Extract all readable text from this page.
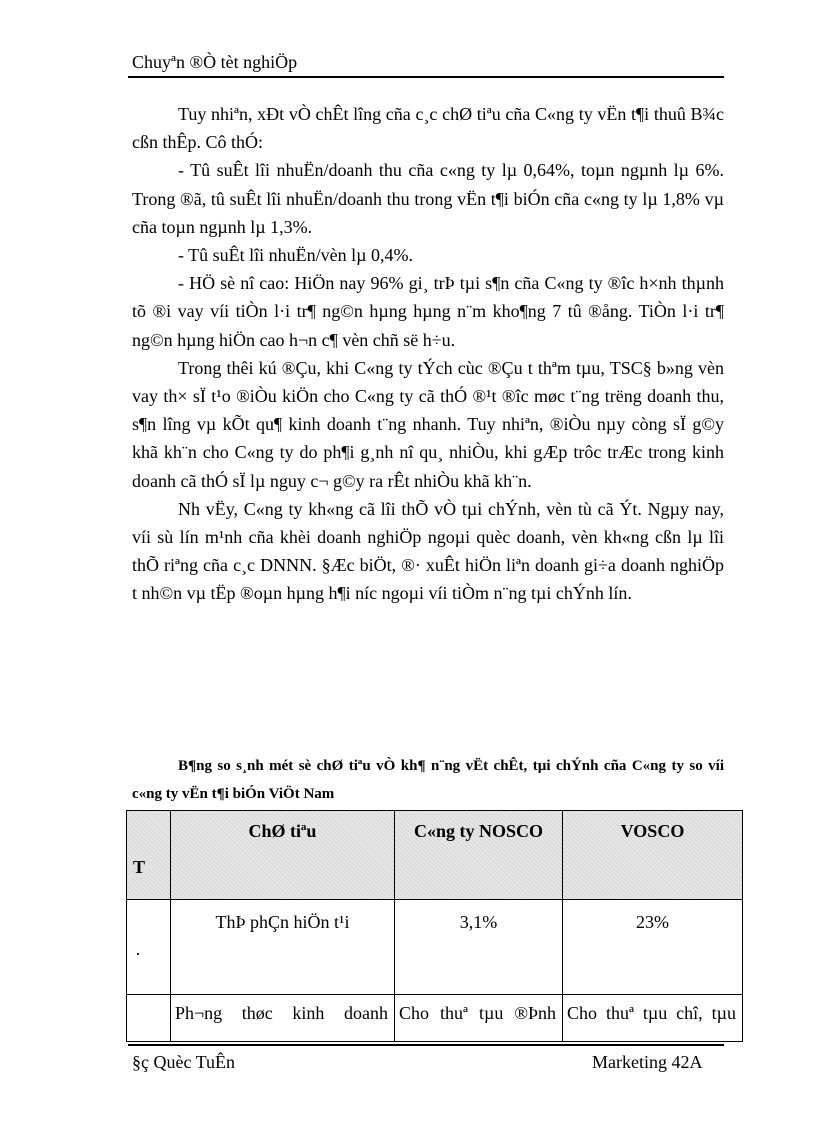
Chuyªn ®Ò tèt nghiÖp

Tuy nhiªn, xÐt vÒ chÊt lîng cña c¸c chØ tiªu cña C«ng ty vËn t¶i thuû B¾c cßn thÊp. Cô thÓ:

- Tû suÊt lîi nhuËn/doanh thu cña c«ng ty lµ 0,64%, toµn ngµnh lµ 6%. Trong ®ã, tû suÊt lîi nhuËn/doanh thu trong vËn t¶i biÓn cña c«ng ty lµ 1,8% vµ cña toµn ngµnh lµ 1,3%.

- Tû suÊt lîi nhuËn/vèn lµ 0,4%.

- HÖ sè nî cao: HiÖn nay 96% gi¸ trÞ tµi s¶n cña C«ng ty ®îc h×nh thµnh tõ ®i vay víi tiÒn l·i tr¶ ng©n hµng hµng n¨m kho¶ng 7 tû ®ång. TiÒn l·i tr¶ ng©n hµng hiÖn cao h¬n c¶ vèn chñ së h÷u.

Trong thêi kú ®Çu, khi C«ng ty tÝch cùc ®Çu t thªm tµu, TSC§ b»ng vèn vay th× sÏ t¹o ®iÒu kiÖn cho C«ng ty cã thÓ ®¹t ®îc møc t¨ng trëng doanh thu, s¶n lîng vµ kÕt qu¶ kinh doanh t¨ng nhanh. Tuy nhiªn, ®iÒu nµy còng sÏ g©y khã kh¨n cho C«ng ty do ph¶i g¸nh nî qu¸ nhiÒu, khi gÆp trôc trÆc trong kinh doanh cã thÓ sÏ lµ nguy c¬ g©y ra rÊt nhiÒu khã kh¨n.

Nh vËy, C«ng ty kh«ng cã lîi thÕ vÒ tµi chÝnh, vèn tù cã Ýt. Ngµy nay, víi sù lín m¹nh cña khèi doanh nghiÖp ngoµi quèc doanh, vèn kh«ng cßn lµ lîi thÕ riªng cña c¸c DNNN. §Æc biÖt, ®· xuÊt hiÖn liªn doanh gi÷a doanh nghiÖp t nh©n vµ tËp ®oµn hµng h¶i níc ngoµi víi tiÒm n¨ng tµi chÝnh lín.

B¶ng so s¸nh mét sè chØ tiªu vÒ kh¶ n¨ng vËt chÊt, tµi chÝnh cña C«ng ty so víi c«ng ty vËn t¶i biÓn ViÖt Nam
T	ChØ tiªu	C«ng ty NOSCO	VOSCO

·	ThÞ phÇn hiÖn t¹i	3,1%	23%
	Ph¬ng thøc kinh doanh	Cho thuª tµu ®Þnh	Cho thuª tµu chî, tµu
§ç Quèc TuÊn	Marketing 42A
